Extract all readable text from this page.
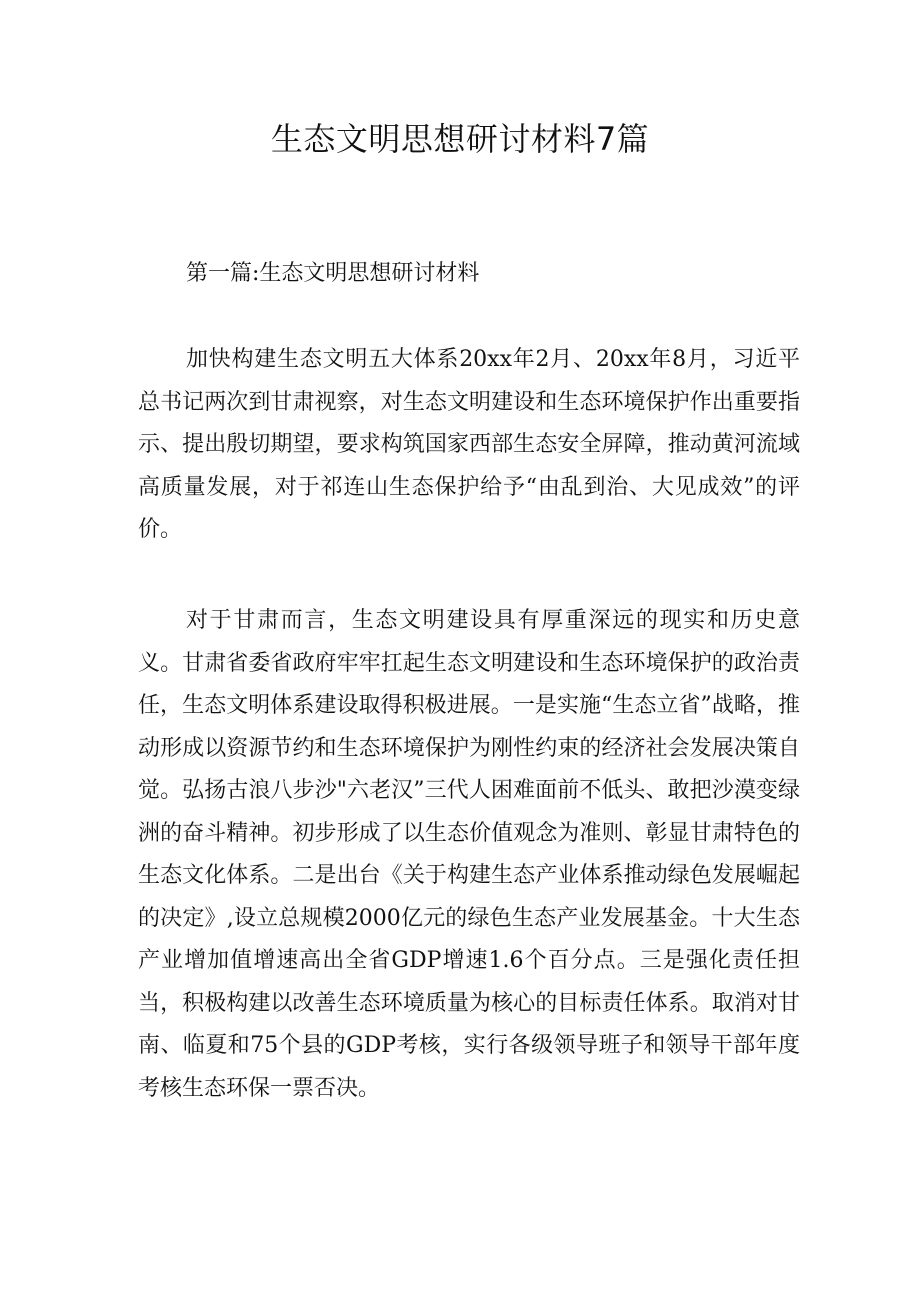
生态文明思想研讨材料7篇

第一篇:生态文明思想研讨材料

加快构建生态文明五大体系20xx年2月、20xx年8月，习近平总书记两次到甘肃视察，对生态文明建设和生态环境保护作出重要指示、提出殷切期望，要求构筑国家西部生态安全屏障，推动黄河流域高质量发展，对于祁连山生态保护给予“由乱到治、大见成效”的评价。

对于甘肃而言，生态文明建设具有厚重深远的现实和历史意义。甘肃省委省政府牢牢扛起生态文明建设和生态环境保护的政治责任，生态文明体系建设取得积极进展。一是实施“生态立省”战略，推动形成以资源节约和生态环境保护为刚性约束的经济社会发展决策自觉。弘扬古浪八步沙"六老汉”三代人困难面前不低头、敢把沙漠变绿洲的奋斗精神。初步形成了以生态价值观念为准则、彰显甘肃特色的生态文化体系。二是出台《关于构建生态产业体系推动绿色发展崛起的决定》,设立总规模2000亿元的绿色生态产业发展基金。十大生态产业增加值增速高出全省GDP增速1.6个百分点。三是强化责任担当，积极构建以改善生态环境质量为核心的目标责任体系。取消对甘南、临夏和75个县的GDP考核，实行各级领导班子和领导干部年度考核生态环保一票否决。
